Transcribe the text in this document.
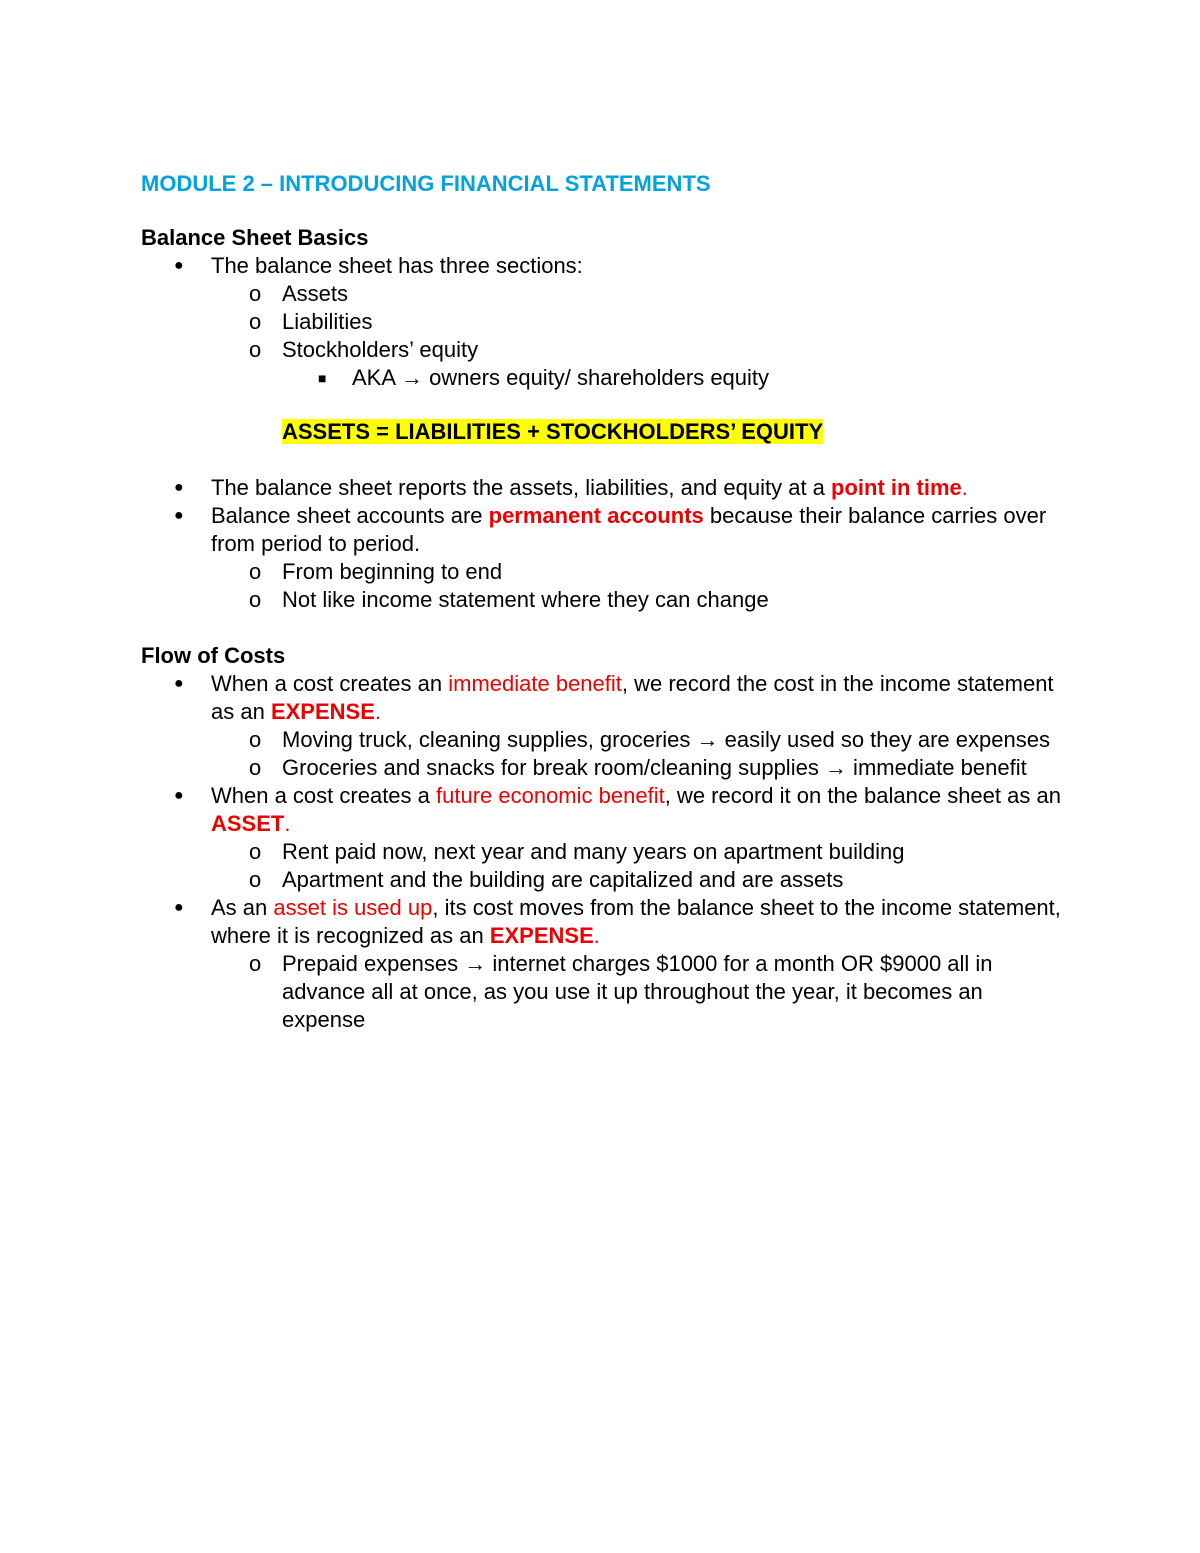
MODULE 2 – INTRODUCING FINANCIAL STATEMENTS
Balance Sheet Basics
● The balance sheet has three sections:
o Assets
o Liabilities
o Stockholders’ equity
■ AKA → owners equity/ shareholders equity
ASSETS = LIABILITIES + STOCKHOLDERS’ EQUITY
● The balance sheet reports the assets, liabilities, and equity at a point in time.
● Balance sheet accounts are permanent accounts because their balance carries over from period to period.
o From beginning to end
o Not like income statement where they can change
Flow of Costs
● When a cost creates an immediate benefit, we record the cost in the income statement as an EXPENSE.
o Moving truck, cleaning supplies, groceries → easily used so they are expenses
o Groceries and snacks for break room/cleaning supplies → immediate benefit
● When a cost creates a future economic benefit, we record it on the balance sheet as an ASSET.
o Rent paid now, next year and many years on apartment building
o Apartment and the building are capitalized and are assets
● As an asset is used up, its cost moves from the balance sheet to the income statement, where it is recognized as an EXPENSE.
o Prepaid expenses → internet charges $1000 for a month OR $9000 all in advance all at once, as you use it up throughout the year, it becomes an expense
